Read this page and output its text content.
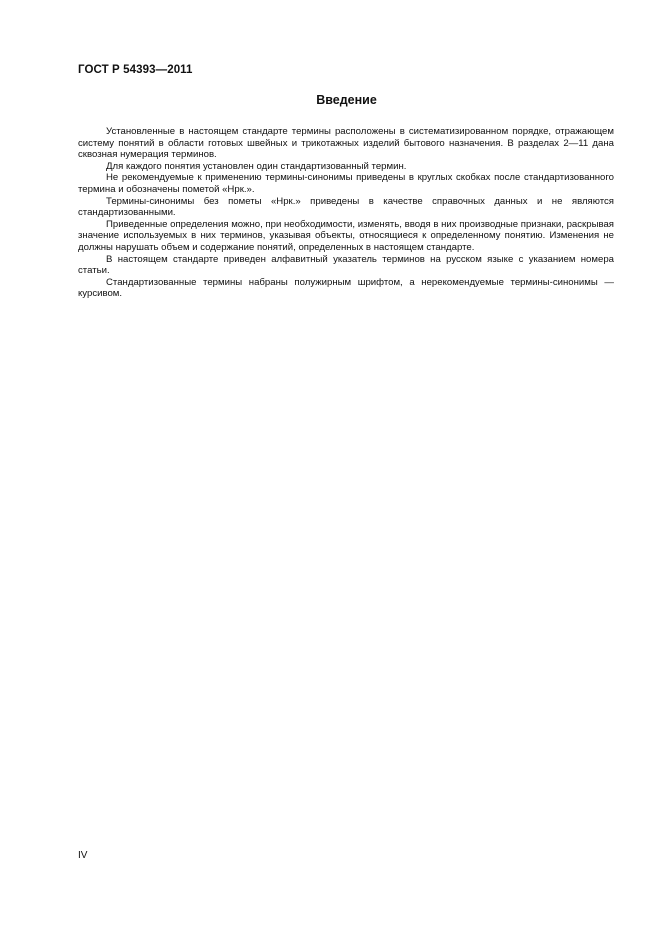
ГОСТ Р 54393—2011
Введение

Установленные в настоящем стандарте термины расположены в систематизированном порядке, отражающем систему понятий в области готовых швейных и трикотажных изделий бытового назначения. В разделах 2—11 дана сквозная нумерация терминов.

Для каждого понятия установлен один стандартизованный термин.

Не рекомендуемые к применению термины-синонимы приведены в круглых скобках после стандартизованного термина и обозначены пометой «Нрк.».

Термины-синонимы без пометы «Нрк.» приведены в качестве справочных данных и не являются стандартизованными.

Приведенные определения можно, при необходимости, изменять, вводя в них производные признаки, раскрывая значение используемых в них терминов, указывая объекты, относящиеся к определенному понятию. Изменения не должны нарушать объем и содержание понятий, определенных в настоящем стандарте.

В настоящем стандарте приведен алфавитный указатель терминов на русском языке с указанием номера статьи.

Стандартизованные термины набраны полужирным шрифтом, а нерекомендуемые термины-синонимы — курсивом.

IV
